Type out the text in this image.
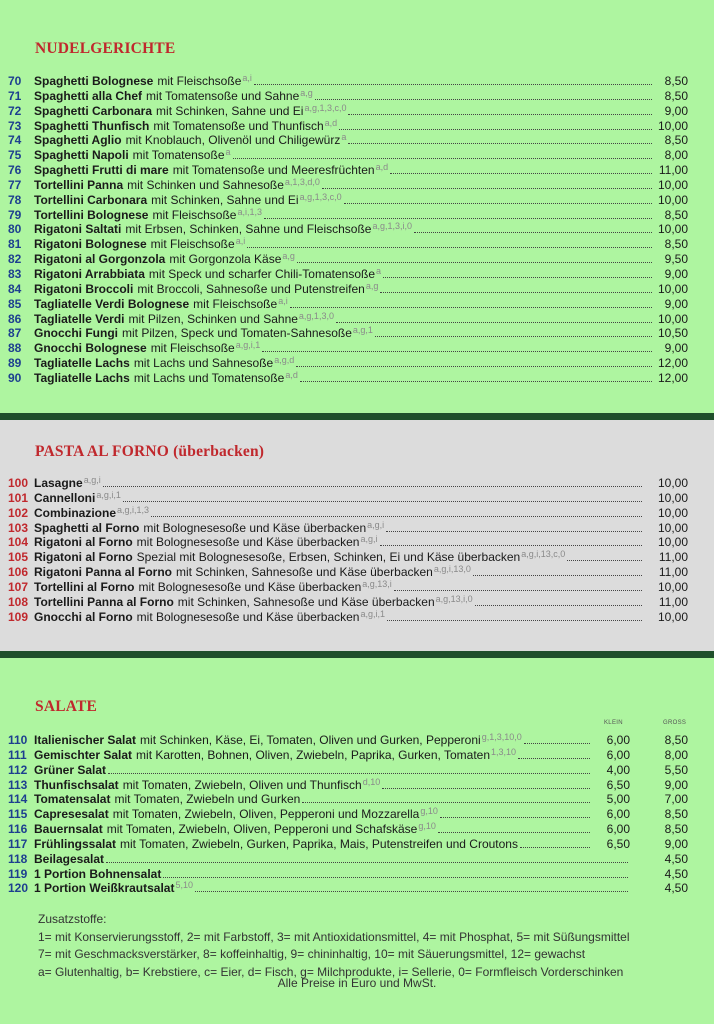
NUDELGERICHTE
70	Spaghetti Bolognese mit Fleischsoße a,i	8,50
71	Spaghetti alla Chef mit Tomatensoße und Sahne a,g	8,50
72	Spaghetti Carbonara mit Schinken, Sahne und Ei a,g,1,3,c,0	9,00
73	Spaghetti Thunfisch mit Tomatensoße und Thunfisch a,d	10,00
74	Spaghetti Aglio mit Knoblauch, Olivenöl und Chiligewürz a	8,50
75	Spaghetti Napoli mit Tomatensoße a	8,00
76	Spaghetti Frutti di mare mit Tomatensoße und Meeresfrüchten a,d	11,00
77	Tortellini Panna mit Schinken und Sahnesoße a,1,3,d,0	10,00
78	Tortellini Carbonara mit Schinken, Sahne und Ei a,g,1,3,c,0	10,00
79	Tortellini Bolognese mit Fleischsoße a,i,1,3	8,50
80	Rigatoni Saltati mit Erbsen, Schinken, Sahne und Fleischsoße a,g,1,3,i,0	10,00
81	Rigatoni Bolognese mit Fleischsoße a,i	8,50
82	Rigatoni al Gorgonzola mit Gorgonzola Käse a,g	9,50
83	Rigatoni Arrabbiata mit Speck und scharfer Chili-Tomatensoße a	9,00
84	Rigatoni Broccoli mit Broccoli, Sahnesoße und Putenstreifen a,g	10,00
85	Tagliatelle Verdi Bolognese mit Fleischsoße a,i	9,00
86	Tagliatelle Verdi mit Pilzen, Schinken und Sahne a,g,1,3,0	10,00
87	Gnocchi Fungi mit Pilzen, Speck und Tomaten-Sahnesoße a,g,1	10,50
88	Gnocchi Bolognese mit Fleischsoße a,g,i,1	9,00
89	Tagliatelle Lachs mit Lachs und Sahnesoße a,g,d	12,00
90	Tagliatelle Lachs mit Lachs und Tomatensoße a,d	12,00
PASTA AL FORNO (überbacken)
100 Lasagne a,g,i	10,00
101 Cannelloni a,g,i,1	10,00
102 Combinazione a,g,i,1,3	10,00
103 Spaghetti al Forno mit Bolognesesoße und Käse überbacken a,g,i	10,00
104 Rigatoni al Forno mit Bolognesesoße und Käse überbacken a,g,i	10,00
105 Rigatoni al Forno Spezial mit Bolognesesoße, Erbsen, Schinken, Ei und Käse überbacken a,g,i,13,c,0	11,00
106 Rigatoni Panna al Forno mit Schinken, Sahnesoße und Käse überbacken a,g,i,13,0	11,00
107 Tortellini al Forno mit Bolognesesoße und Käse überbacken a,g,13,i	10,00
108 Tortellini Panna al Forno mit Schinken, Sahnesoße und Käse überbacken a,g,13,i,0	11,00
109 Gnocchi al Forno mit Bolognesesoße und Käse überbacken a,g,i,1	10,00
SALATE
KLEIN	GROSS
110 Italienischer Salat mit Schinken, Käse, Ei, Tomaten, Oliven und Gurken, Pepperoni g,1,3,10,0	6,00	8,50
111 Gemischter Salat mit Karotten, Bohnen, Oliven, Zwiebeln, Paprika, Gurken, Tomaten 1,3,10	6,00	8,00
112 Grüner Salat	4,00	5,50
113 Thunfischsalat mit Tomaten, Zwiebeln, Oliven und Thunfisch d,10	6,50	9,00
114 Tomatensalat mit Tomaten, Zwiebeln und Gurken	5,00	7,00
115 Capresesalat mit Tomaten, Zwiebeln, Oliven, Pepperoni und Mozzarella g,10	6,00	8,50
116 Bauernsalat mit Tomaten, Zwiebeln, Oliven, Pepperoni und Schafskäse g,10	6,00	8,50
117 Frühlingssalat mit Tomaten, Zwiebeln, Gurken, Paprika, Mais, Putenstreifen und Croutons	6,50	9,00
118 Beilagesalat	4,50
119 1 Portion Bohnensalat	4,50
120 1 Portion Weißkrautsalat 5,10	4,50
Zusatzstoffe:
1= mit Konservierungsstoff, 2= mit Farbstoff, 3= mit Antioxidationsmittel, 4= mit Phosphat, 5= mit Süßungsmittel
7= mit Geschmacksverstärker, 8= koffeinhaltig, 9= chininhaltig, 10= mit Säuerungsmittel, 12= gewachst
a= Glutenhaltig, b= Krebstiere, c= Eier, d= Fisch, g= Milchprodukte, i= Sellerie, 0= Formfleisch Vorderschinken
Alle Preise in Euro und MwSt.
